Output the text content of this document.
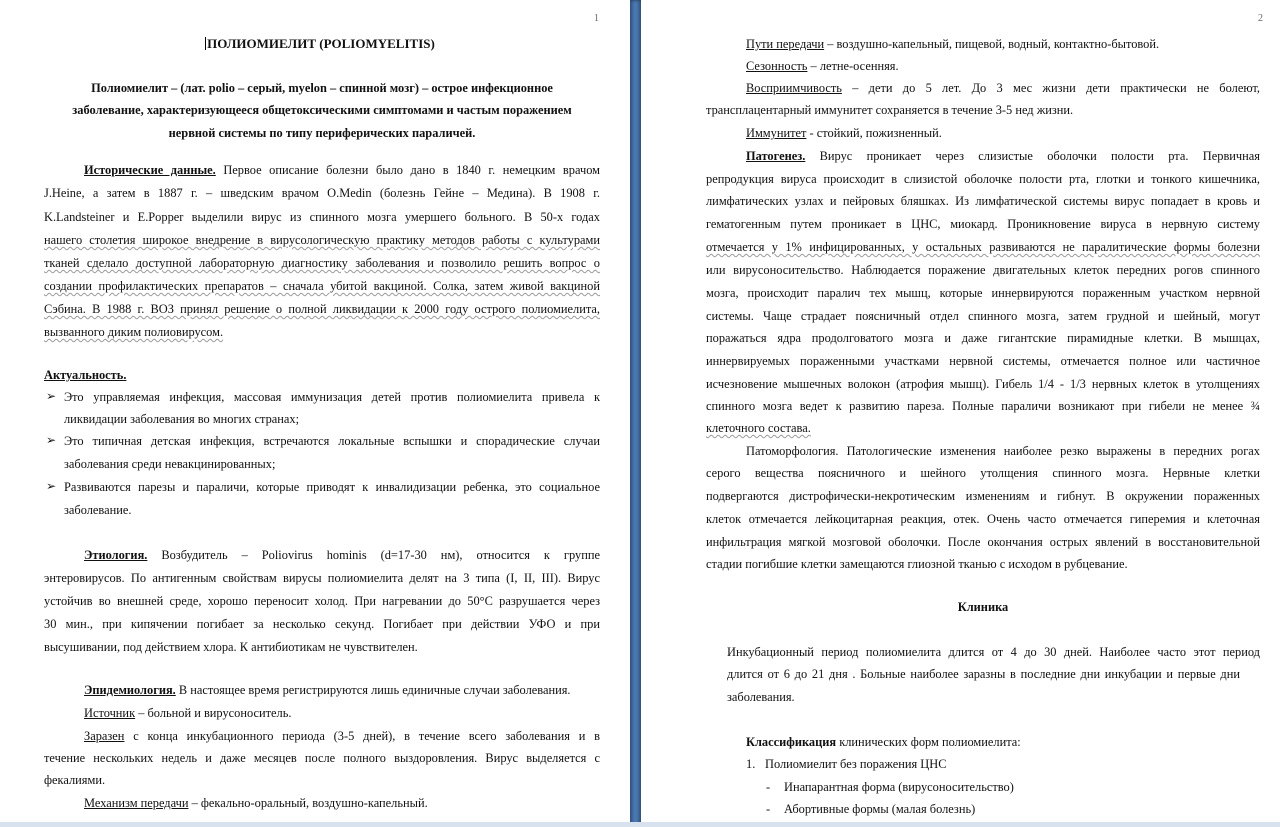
1
ПОЛИОМИЕЛИТ (POLIOMYELITIS)
Полиомиелит – (лат. polio – серый, myelon – спинной мозг) – острое инфекционное
заболевание, характеризующееся общетоксическими симптомами и частым поражением
нервной системы по типу периферических параличей.
Исторические данные. Первое описание болезни было дано в 1840 г. немецким врачом
J.Heine, а затем в 1887 г. – шведским врачом О.Medin (болезнь Гейне – Медина). В 1908 г.
K.Landsteiner и E.Popper выделили вирус из спинного мозга умершего больного. В 50-х годах
нашего столетия широкое внедрение в вирусологическую практику методов работы с культурами
тканей сделало доступной лабораторную диагностику заболевания и позволило решить вопрос о
создании профилактических препаратов – сначала убитой вакциной. Солка, затем живой вакциной
Сэбина. В 1988 г. ВОЗ принял решение о полной ликвидации к 2000 году острого полиомиелита,
вызванного диким полиовирусом.
Актуальность.
➢ Это управляемая инфекция, массовая иммунизация детей против полиомиелита привела к
ликвидации заболевания во многих странах;
➢ Это типичная детская инфекция, встречаются локальные вспышки и спорадические случаи
заболевания среди невакцинированных;
➢ Развиваются парезы и параличи, которые приводят к инвалидизации ребенка, это социальное
заболевание.
Этиология. Возбудитель – Poliovirus hominis (d=17-30 нм), относится к группе
энтеровирусов. По антигенным свойствам вирусы полиомиелита делят на 3 типа (I, II, III). Вирус
устойчив во внешней среде, хорошо переносит холод. При нагревании до 50°С разрушается через
30 мин., при кипячении погибает за несколько секунд. Погибает при действии УФО и при
высушивании, под действием хлора. К антибиотикам не чувствителен.
Эпидемиология. В настоящее время регистрируются лишь единичные случаи заболевания.
Источник – больной и вирусоноситель.
Заразен с конца инкубационного периода (3-5 дней), в течение всего заболевания и в
течение нескольких недель и даже месяцев после полного выздоровления. Вирус выделяется с
фекалиями.
Механизм передачи – фекально-оральный, воздушно-капельный.
2
Пути передачи – воздушно-капельный, пищевой, водный, контактно-бытовой.
Сезонность – летне-осенняя.
Восприимчивость – дети до 5 лет. До 3 мес жизни дети практически не болеют,
трансплацентарный иммунитет сохраняется в течение 3-5 нед жизни.
Иммунитет - стойкий, пожизненный.
Патогенез. Вирус проникает через слизистые оболочки полости рта. Первичная
репродукция вируса происходит в слизистой оболочке полости рта, глотки и тонкого кишечника,
лимфатических узлах и пейровых бляшках. Из лимфатической системы вирус попадает в кровь и
гематогенным путем проникает в ЦНС, миокард. Проникновение вируса в нервную систему
отмечается у 1% инфицированных, у остальных развиваются не паралитические формы болезни
или вирусоносительство. Наблюдается поражение двигательных клеток передних рогов спинного
мозга, происходит паралич тех мышц, которые иннервируются пораженным участком нервной
системы. Чаще страдает поясничный отдел спинного мозга, затем грудной и шейный, могут
поражаться ядра продолговатого мозга и даже гигантские пирамидные клетки. В мышцах,
иннервируемых пораженными участками нервной системы, отмечается полное или частичное
исчезновение мышечных волокон (атрофия мышц). Гибель 1/4 - 1/3 нервных клеток в утолщениях
спинного мозга ведет к развитию пареза. Полные параличи возникают при гибели не менее ¾
клеточного состава.
Патоморфология. Патологические изменения наиболее резко выражены в передних рогах
серого вещества поясничного и шейного утолщения спинного мозга. Нервные клетки
подвергаются дистрофически-некротическим изменениям и гибнут. В окружении пораженных
клеток отмечается лейкоцитарная реакция, отек. Очень часто отмечается гиперемия и клеточная
инфильтрация мягкой мозговой оболочки. После окончания острых явлений в восстановительной
стадии погибшие клетки замещаются глиозной тканью с исходом в рубцевание.
Клиника
Инкубационный период полиомиелита длится от 4 до 30 дней. Наиболее часто этот период
длится от 6 до 21 дня . Больные наиболее заразны в последние дни инкубации и первые дни
заболевания.
Классификация клинических форм полиомиелита:
1. Полиомиелит без поражения ЦНС
- Инапарантная форма (вирусоносительство)
- Абортивные формы (малая болезнь)
